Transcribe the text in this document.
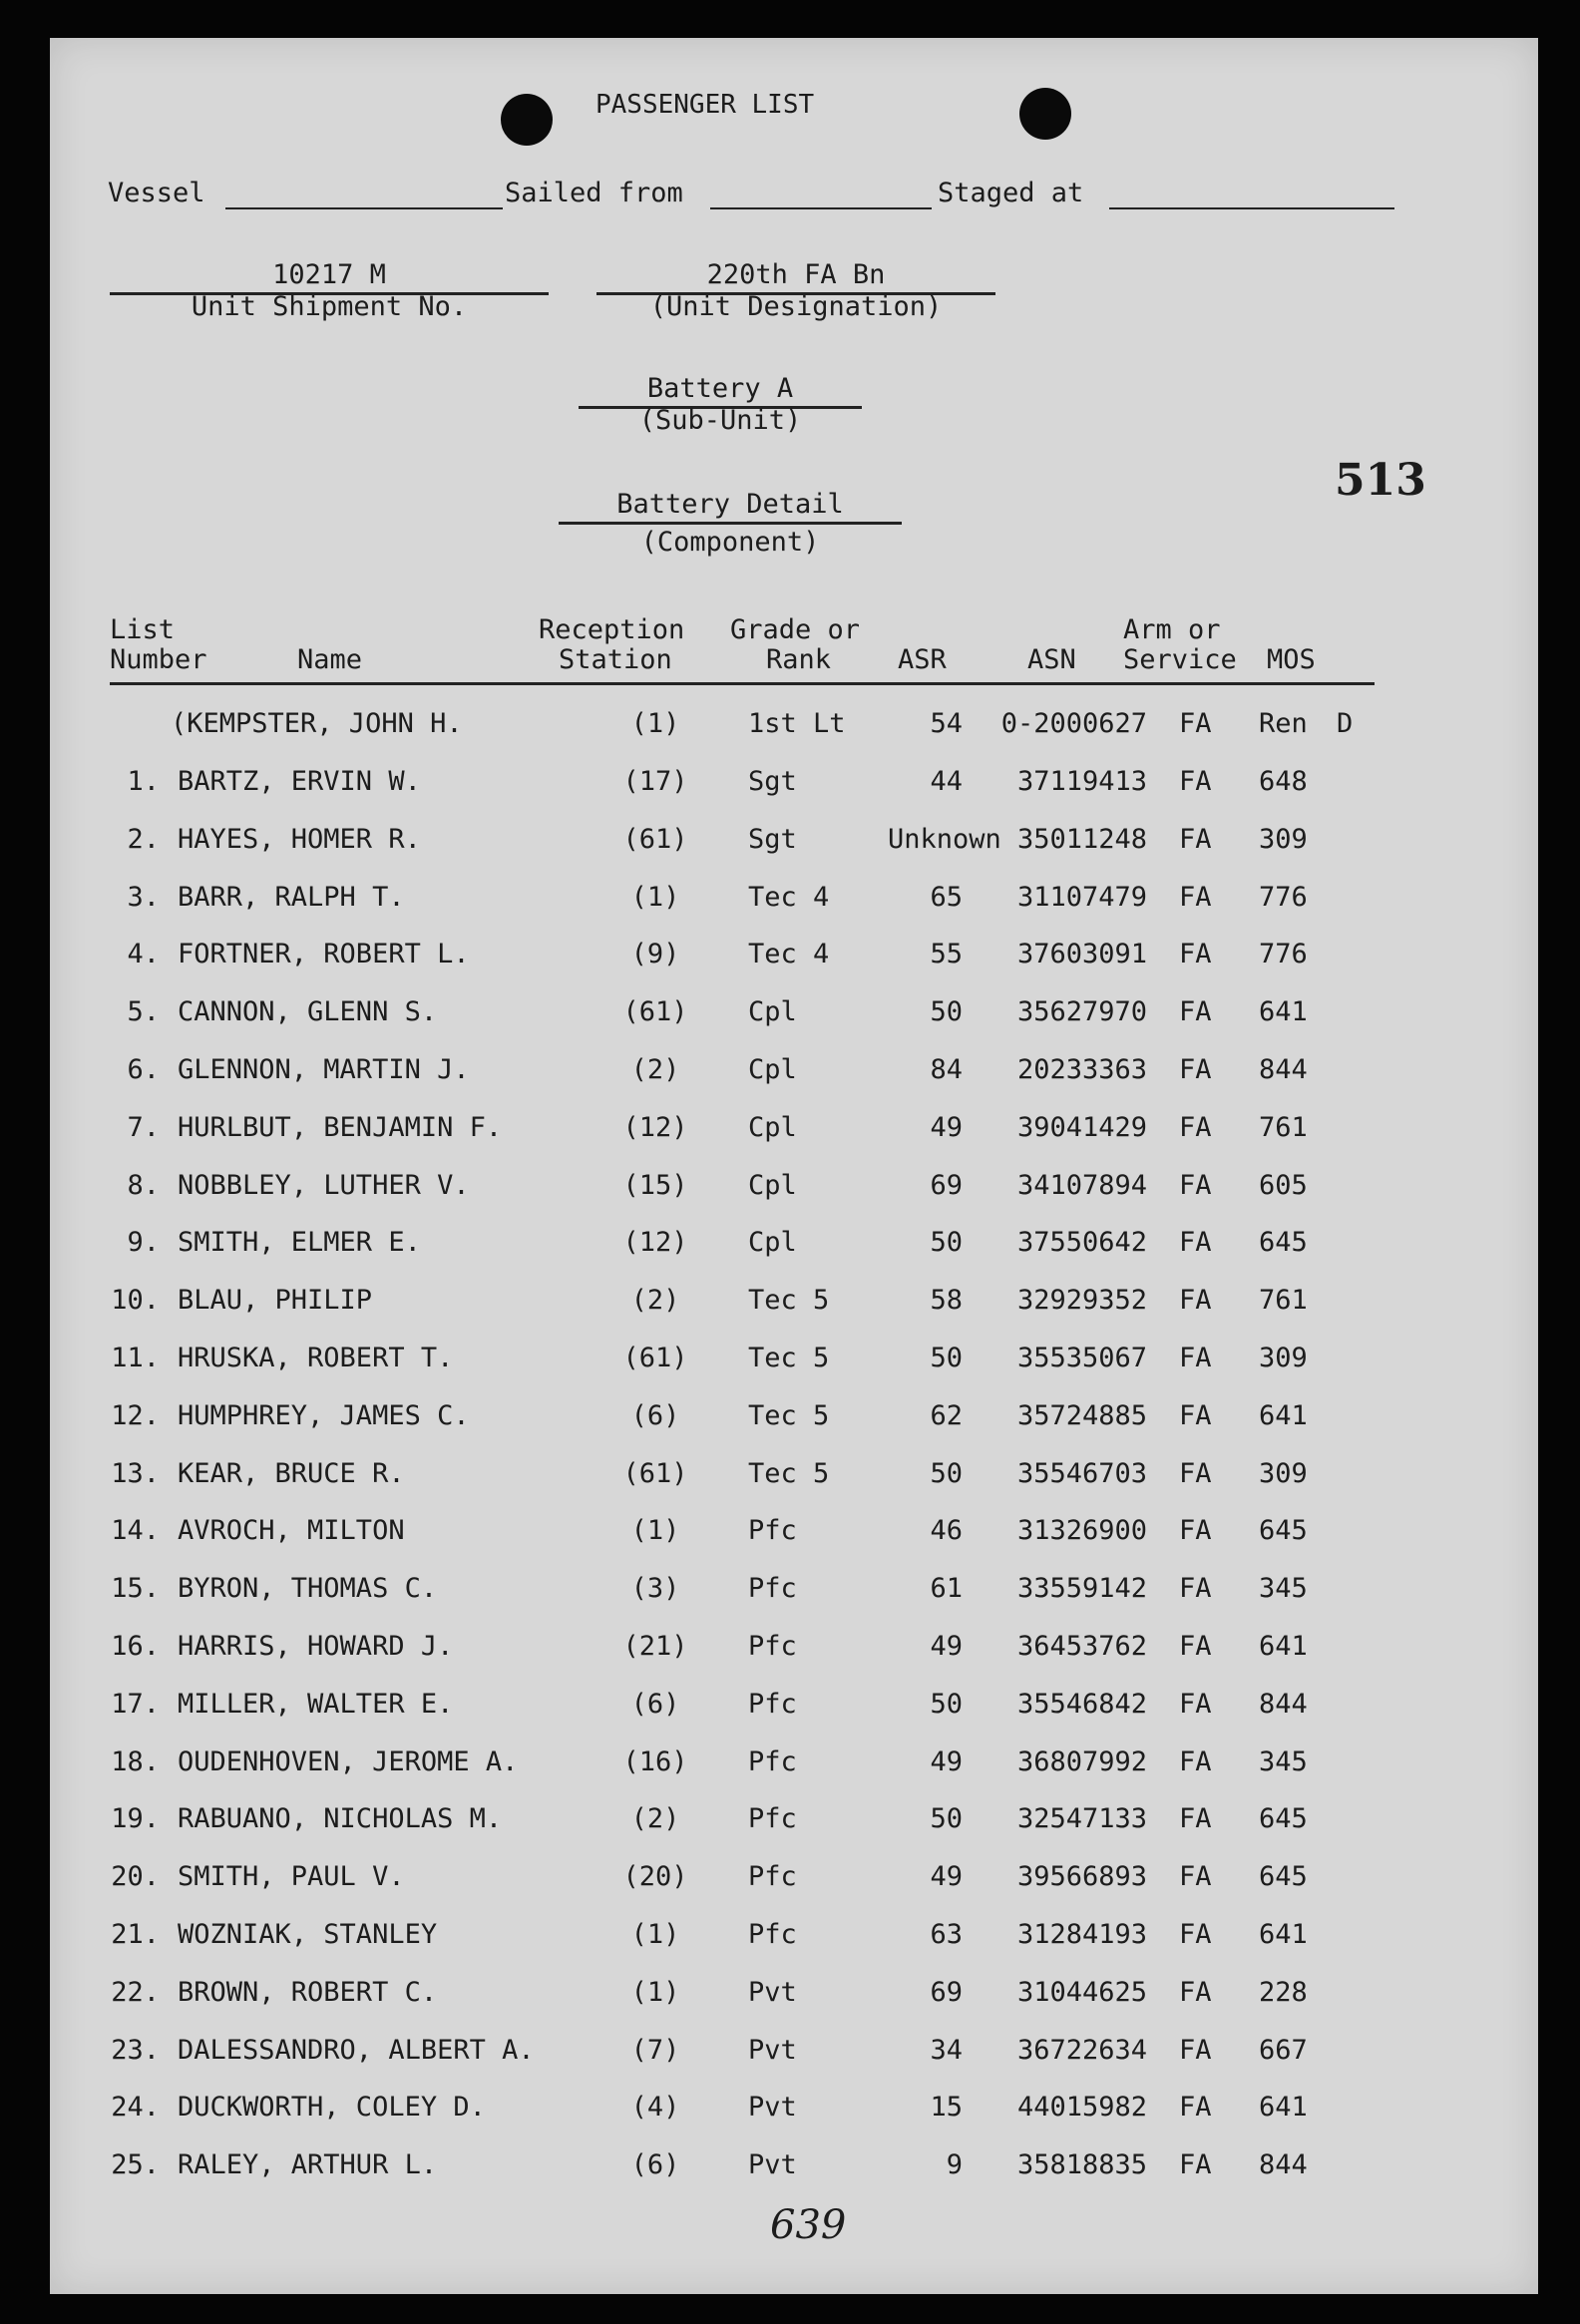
PASSENGER LIST
Vessel	Sailed from	Staged at
10217 M
Unit Shipment No.
220th FA Bn
(Unit Designation)
Battery A
(Sub-Unit)
513
Battery Detail
(Component)
List
Number	Name
Reception
Station
Grade or
Rank ASR	ASN
Arm or
Service MOS
(KEMPSTER, JOHN H.	(1)	1st Lt	54	0-2000627 FA Ren D
1. BARTZ, ERVIN W.	(17)	Sgt	44	37119413 FA 648
2. HAYES, HOMER R.	(61)	Sgt	Unknown 35011248 FA 309
3. BARR, RALPH T.	(1)	Tec 4	65	31107479 FA 776
4. FORTNER, ROBERT L.	(9)	Tec 4	55	37603091 FA 776
5. CANNON, GLENN S.	(61)	Cpl	50	35627970 FA 641
6. GLENNON, MARTIN J.	(2)	Cpl	84	20233363 FA 844
7. HURLBUT, BENJAMIN F.	(12)	Cpl	49	39041429 FA 761
8. NOBBLEY, LUTHER V.	(15)	Cpl	69	34107894 FA 605
9. SMITH, ELMER E.	(12)	Cpl	50	37550642 FA 645
10. BLAU, PHILIP	(2)	Tec 5	58	32929352 FA 761
11. HRUSKA, ROBERT T.	(61)	Tec 5	50	35535067 FA 309
12. HUMPHREY, JAMES C.	(6)	Tec 5	62	35724885 FA 641
13. KEAR, BRUCE R.	(61)	Tec 5	50	35546703 FA 309
14. AVROCH, MILTON	(1)	Pfc	46	31326900 FA 645
15. BYRON, THOMAS C.	(3)	Pfc	61	33559142 FA 345
16. HARRIS, HOWARD J.	(21)	Pfc	49	36453762 FA 641
17. MILLER, WALTER E.	(6)	Pfc	50	35546842 FA 844
18. OUDENHOVEN, JEROME A.	(16)	Pfc	49	36807992 FA 345
19. RABUANO, NICHOLAS M.	(2)	Pfc	50	32547133 FA 645
20. SMITH, PAUL V.	(20)	Pfc	49	39566893 FA 645
21. WOZNIAK, STANLEY	(1)	Pfc	63	31284193 FA 641
22. BROWN, ROBERT C.	(1)	Pvt	69	31044625 FA 228
23. DALESSANDRO, ALBERT A.	(7)	Pvt	34	36722634 FA 667
24. DUCKWORTH, COLEY D.	(4)	Pvt	15	44015982 FA 641
25. RALEY, ARTHUR L.	(6)	Pvt	9	35818835 FA 844
639
